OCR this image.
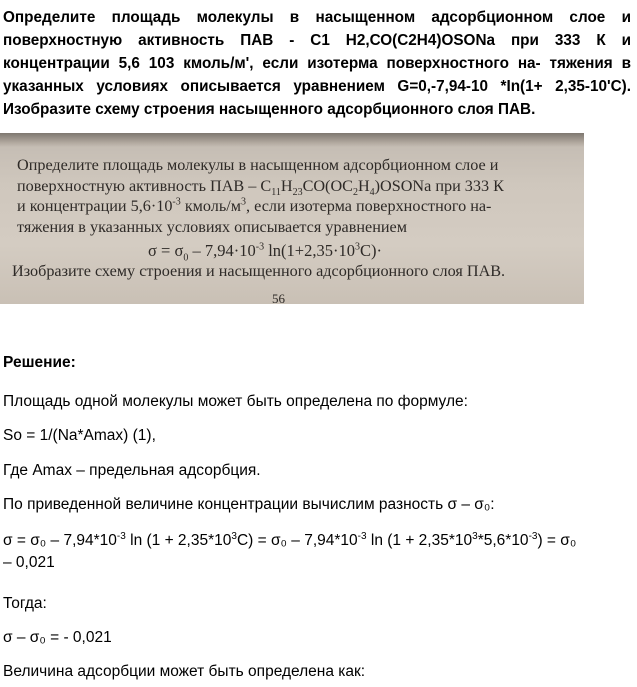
Определите площадь молекулы в насыщенном адсорбционном слое и поверхностную активность ПАВ - С1 Н2,СО(С2Н4)OSONa при 333 К и концентрации 5,6 103 кмоль/м', если изотерма поверхностного на- тяжения в указанных условиях описывается уравнением G=0,-7,94-10 *In(1+ 2,35-10'С). Изобразите схему строения насыщенного адсорбционного слоя ПАВ.

Определите площадь молекулы в насыщенном адсорбционном слое и
поверхностную активность ПАВ – $C_{11}H_{23}CO(OC_2H_4)OSONa$ при 333 К
и концентрации $5,6\cdot 10^{-3}$ кмоль/$м^3$, если изотерма поверхностного на-
тяжения в указанных условиях описывается уравнением

$\sigma = \sigma_0 - 7,94\cdot 10^{-3}$ $\ln(1+2,35\cdot 10^3C)\cdot$

Изобразите схему строения и насыщенного адсорбционного слоя ПАВ.

56

Решение:

Площадь одной молекулы может быть определена по формуле:

So = 1/(Na*Amax) (1),

Где Amax – предельная адсорбция.

По приведенной величине концентрации вычислим разность σ – σ₀:

$\sigma = \sigma_0 - 7,94*10^{-3}$ $\ln (1 + 2,35*10^3С) = \sigma_0 - 7,94*10^{-3}$ $\ln (1 + 2,35*10^3*5,6*10^{-3}) = \sigma_0$
– 0,021

Тогда:

σ – σ₀ = - 0,021

Величина адсорбции может быть определена как:
